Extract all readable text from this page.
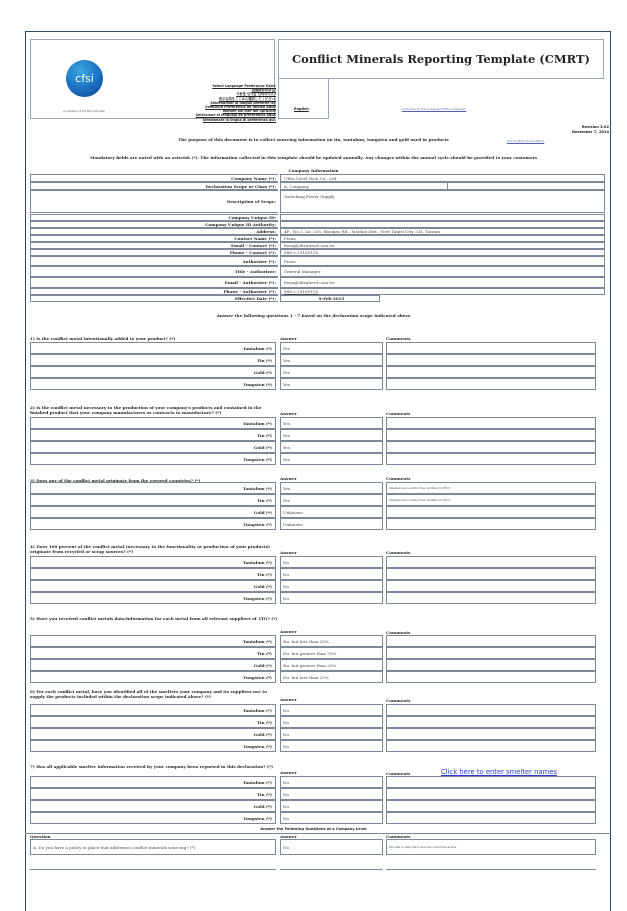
cfsi
An initiative of the EICC and GeSI
Select Language Preference Here:
請選擇你的語言:
사용할 언어를 선택하시오 :
表示言語をここから選択してください:
Sélectionner la langue préférée ici:
Selecione Preferência de Idioma Aqui:
Wählen sie hier die Sprache:
Seleccione el lenguaje de preferencia aqui:
Selezionare la lingua di preferenza qui:
Conflict Minerals Reporting Template (CMRT)
English	Click here to check required fields completion
Revision 3.02
November 7, 2014
Link to Terms & Conditions
The purpose of this document is to collect sourcing information on tin, tantalum, tungsten and gold used in products
Mandatory fields are noted with an asterisk (*). The information collected in this template should be updated annually. Any changes within the annual cycle should be provided to your customers
Company Information
Company Name (*):	Ultra Level Tech Co., Ltd.
Declaration Scope or Class (*):	A. Company
Description of Scope:
Switching Power Supply
Company Unique ID:
Company Unique ID Authority:
Address:	4F., No.2, Ln. 235, Baoqiao Rd., Xindian Dist., New Taipei City 231, Taiwan
Contact Name (*):	Fiona
Email – Contact (*):	fiona@ultralevel.com.tw
Phone – Contact (*):	886-2-29180118
Authorizer (*):	Fiona
Title - Authorizer:	General Manager
Email - Authorizer (*):	fiona@ultralevel.com.tw
Phone - Authorizer (*):	886-2-29180118
Effective Date (*):	9-Feb-2015
Answer the following questions 1 - 7 based on the declaration scope indicated above
1) Is the conflict metal intentionally added to your product? (*)	Answer	Comments
Tantalum (*)	Yes
Tin (*)	Yes
Gold (*)	Yes
Tungsten (*)	Yes
2) Is the conflict metal necessary to the production of your company's products and contained in the finished product that your company manufactures or contracts to manufacture? (*)	Answer	Comments
Tantalum (*)	Yes
Tin (*)	Yes
Gold (*)	Yes
Tungsten (*)	Yes
3) Does any of the conflict metal originate from the covered countries? (*)	Answer	Comments
Tantalum (*)	Yes	Smelters are conflict free certified by EICC
Tin (*)	Yes	Smelters are conflict free certified by EICC
Gold (*)	Unknown
Tungsten (*)	Unknown
4) Does 100 percent of the conflict metal (necessary to the functionality or production of your products) originate from recycled or scrap sources? (*)	Answer	Comments
Tantalum (*)	No
Tin (*)	No
Gold (*)	No
Tungsten (*)	No
5) Have you received conflict metals data/information for each metal from all relevant suppliers of 3TG? (*)
Answer	Comments
Tantalum (*)	No, but less than 25%
Tin (*)	No, but greater than 75%
Gold (*)	No, but greater than 25%
Tungsten (*)	No, but less than 25%
6) For each conflict metal, have you identified all of the smelters your company and its suppliers use to supply the products included within the declaration scope indicated above? (*)
Answer	Comments
Tantalum (*)	No
Tin (*)	No
Gold (*)	No
Tungsten (*)	No
7) Has all applicable smelter information received by your company been reported in this declaration? (*)
Answer	Comments	Click here to enter smelter names
Tantalum (*)	No
Tin (*)	No
Gold (*)	No
Tungsten (*)	No
Answer the Following Questions at a Company Level
Question	Answer	Comments
A. Do you have a policy in place that addresses conflict minerals sourcing? (*)	No	We plan to add policy and use corrective action.
